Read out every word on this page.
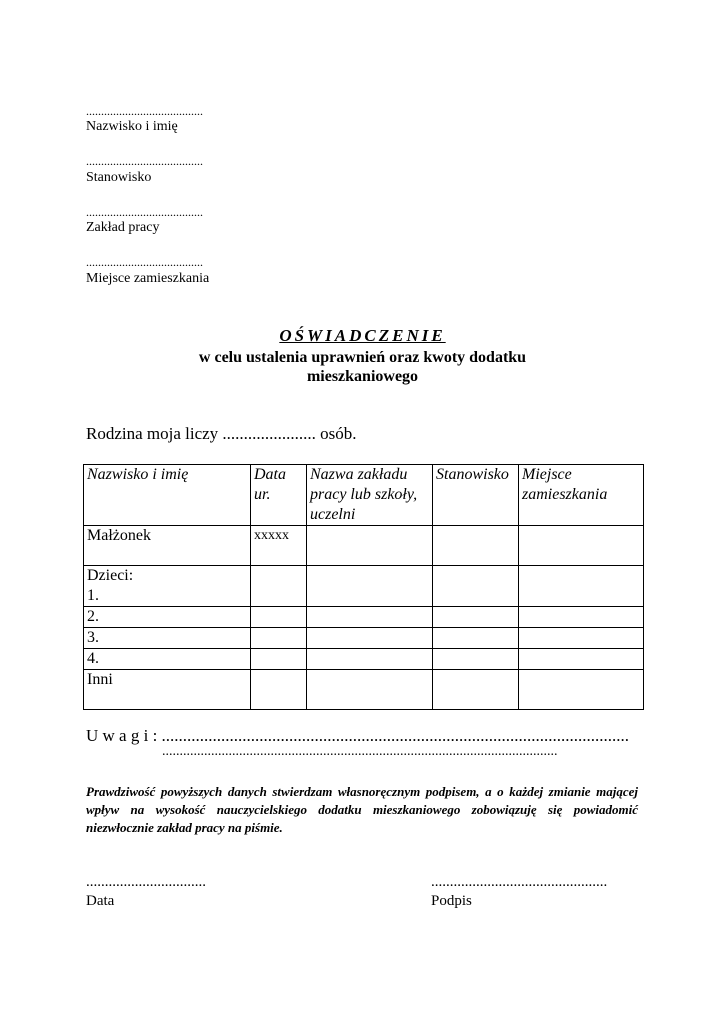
.......................................
Nazwisko i imię
.......................................
Stanowisko
.......................................
Zakład pracy
.......................................
Miejsce zamieszkania
OŚWIADCZENIE
w celu ustalenia uprawnień oraz kwoty dodatku
mieszkaniowego
Rodzina moja liczy ...................... osób.
Nazwisko i imię	Data ur.	Nazwa zakładu pracy lub szkoły, uczelni	Stanowisko	Miejsce zamieszkania
Małżonek	xxxxx			
Dzieci:
1.				
2.				
3.				
4.				
Inni				
U w a g i : ..............................................................................................................
.................................................................................................................
Prawdziwość powyższych danych stwierdzam własnoręcznym podpisem, a o każdej zmianie mającej wpływ na wysokość nauczycielskiego dodatku mieszkaniowego zobowiązuję się powiadomić niezwłocznie zakład pracy na piśmie.
................................
Data
...............................................
Podpis
